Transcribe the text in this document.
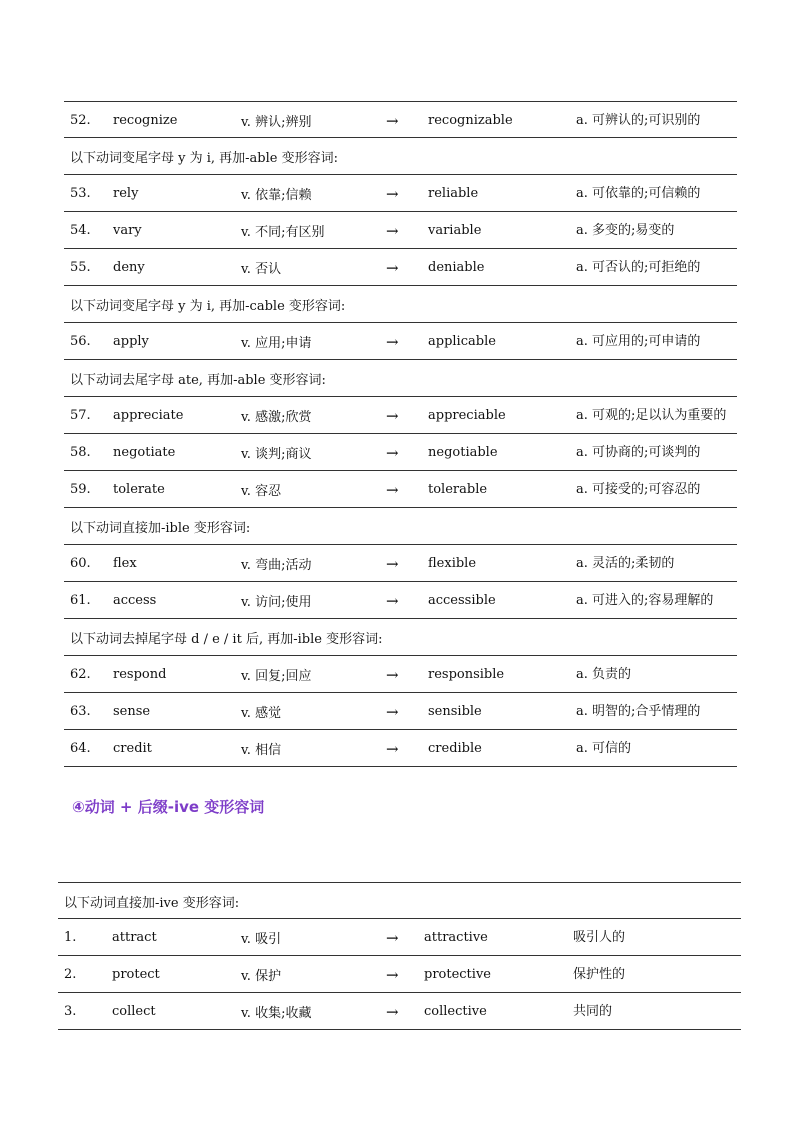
52. recognize	v. 辨认;辨别	→ recognizable	a. 可辨认的;可识别的
以下动词变尾字母 y 为 i, 再加-able 变形容词:
53. rely	v. 依靠;信赖	→ reliable	a. 可依靠的;可信赖的
54. vary	v. 不同;有区别	→ variable	a. 多变的;易变的
55. deny	v. 否认	→ deniable	a. 可否认的;可拒绝的
以下动词变尾字母 y 为 i, 再加-cable 变形容词:
56. apply	v. 应用;申请	→ applicable	a. 可应用的;可申请的
以下动词去尾字母 ate, 再加-able 变形容词:
57. appreciate	v. 感激;欣赏	→ appreciable	a. 可观的;足以认为重要的
58. negotiate	v. 谈判;商议	→ negotiable	a. 可协商的;可谈判的
59. tolerate	v. 容忍	→ tolerable	a. 可接受的;可容忍的
以下动词直接加-ible 变形容词:
60. flex	v. 弯曲;活动	→ flexible	a. 灵活的;柔韧的
61. access	v. 访问;使用	→ accessible	a. 可进入的;容易理解的
以下动词去掉尾字母 d / e / it 后, 再加-ible 变形容词:
62. respond	v. 回复;回应	→ responsible	a. 负责的
63. sense	v. 感觉	→ sensible	a. 明智的;合乎情理的
64. credit	v. 相信	→ credible	a. 可信的
④动词 + 后缀-ive 变形容词
以下动词直接加-ive 变形容词:
1.	attract	v. 吸引	→ attractive	吸引人的
2.	protect	v. 保护	→ protective	保护性的
3.	collect	v. 收集;收藏	→ collective	共同的
